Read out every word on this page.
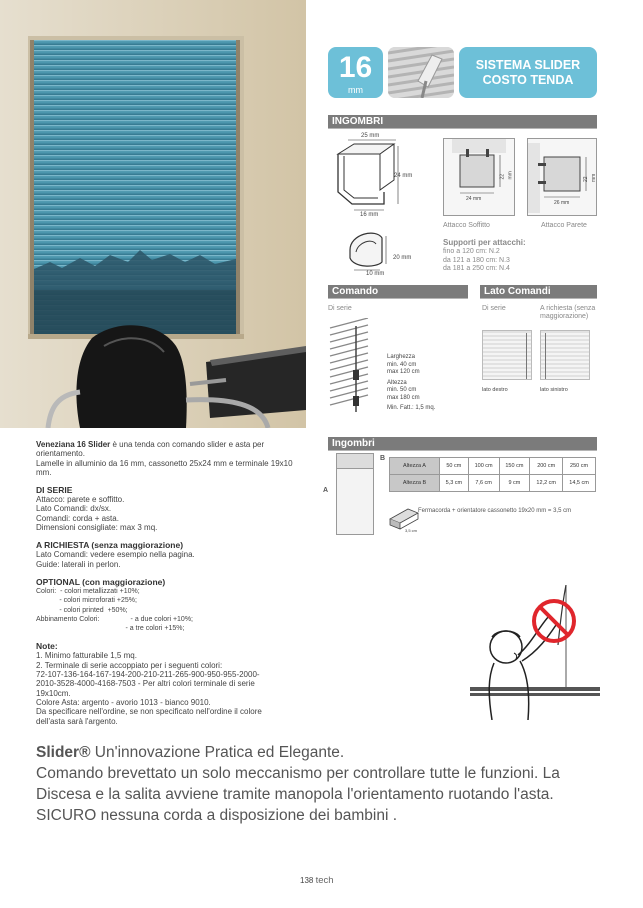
16
mm
SISTEMA SLIDER
COSTO TENDA
INGOMBRI
25 mm
24 mm
16 mm
20 mm
10 mm
24 mm
22 mm
Attacco Soffitto
26 mm
22 mm
Attacco Parete
Supporti per attacchi:
fino a 120 cm: N.2
da 121 a 180 cm: N.3
da 181 a 250 cm: N.4
Comando
Di serie
Larghezza
min. 40 cm
max 120 cm
Altezza
min. 50 cm
max 180 cm
Min. Fatt.: 1,5 mq.
Lato Comandi
Di serie	A richiesta (senza maggiorazione)
lato destro	lato sinistro
Ingombri
B
A
Altezza A	50 cm	100 cm	150 cm	200 cm	250 cm
Altezza B	5,3 cm	7,6 cm	9 cm	12,2 cm	14,5 cm
3,5 cm
Fermacorda + orientatore cassonetto 19x20 mm = 3,5 cm
Veneziana 16 Slider è una tenda con comando slider e asta per orientamento.
Lamelle in alluminio da 16 mm, cassonetto 25x24 mm e terminale 19x10 mm.
DI SERIE
Attacco: parete e soffitto.
Lato Comandi: dx/sx.
Comandi: corda + asta.
Dimensioni consigliate: max 3 mq.
A RICHIESTA (senza maggiorazione)
Lato Comandi: vedere esempio nella pagina.
Guide: laterali in perlon.
OPTIONAL (con maggiorazione)
Colori:  - colori metallizzati +10%;
- colori microforati +25%;
- colori printed  +50%;
Abbinamento Colori:                - a due colori +10%;
- a tre colori +15%;
Note:
1. Minimo fatturabile 1,5 mq.
2. Terminale di serie accoppiato per i seguenti colori:
72-107-136-164-167-194-200-210-211-265-900-950-955-2000-
2010-3528-4000-4168-7503 - Per altri colori terminale di serie
19x10cm.
Colore Asta: argento - avorio 1013 - bianco 9010.
Da specificare nell'ordine, se non specificato nell'ordine il colore
dell'asta sarà l'argento.
Slider® Un'innovazione Pratica ed Elegante.
Comando brevettato un solo meccanismo per controllare tutte le funzioni. La
Discesa e la salita avviene tramite manopola l'orientamento ruotando l'asta.
SICURO nessuna corda a disposizione dei bambini .
138 tech
